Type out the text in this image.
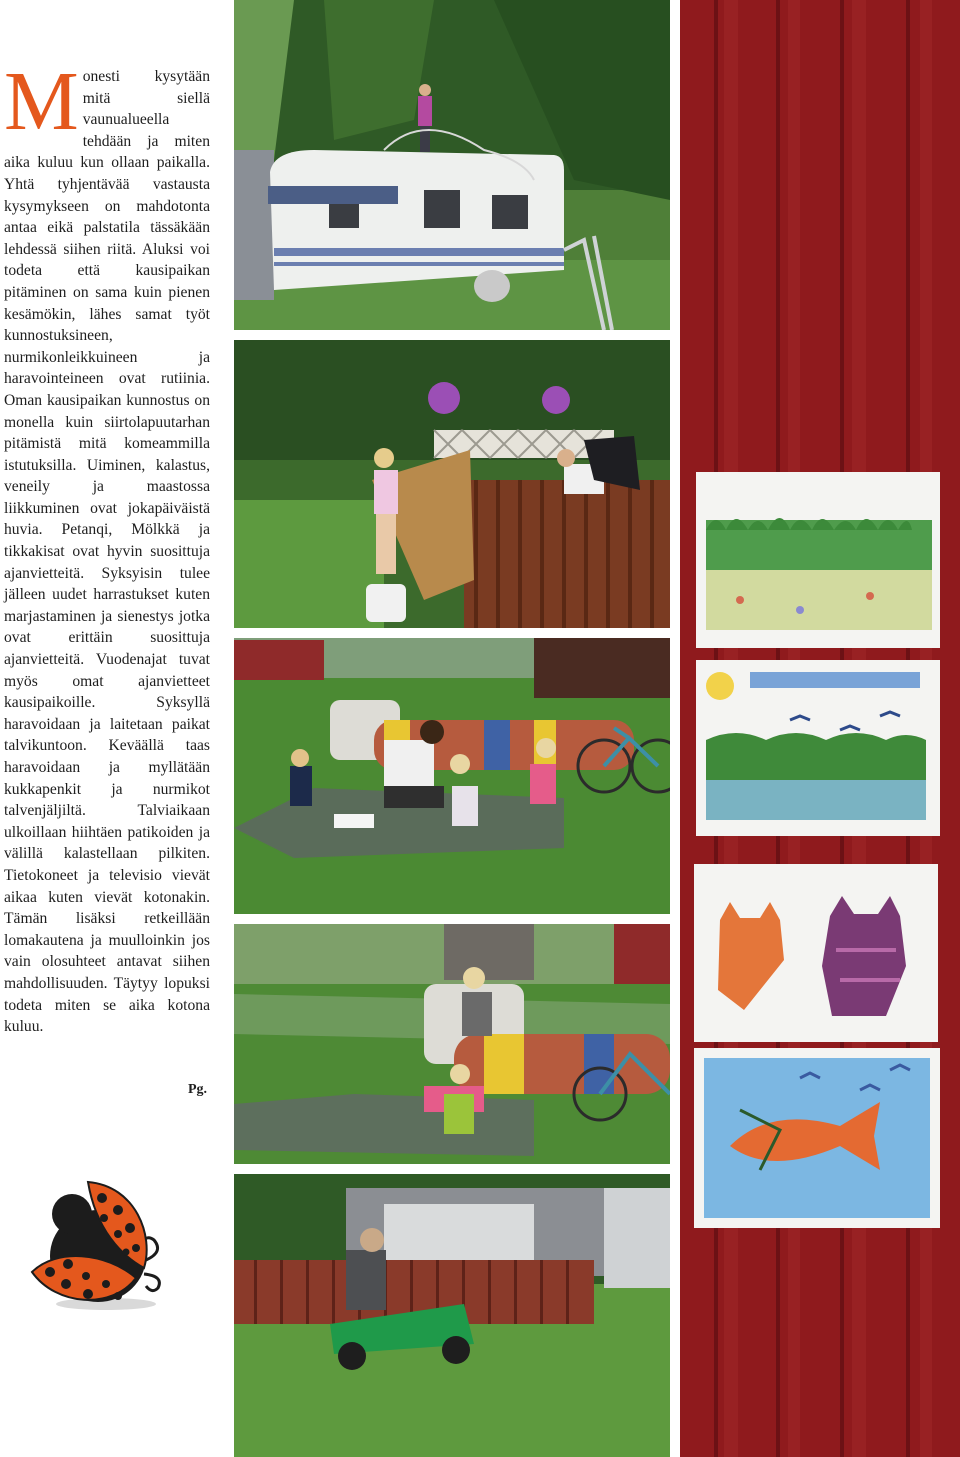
Monesti kysytään mitä siellä vaunualueella tehdään ja miten aika kuluu kun ollaan paikalla. Yhtä tyhjentävää vastausta kysymykseen on mahdotonta antaa eikä palstatila tässäkään lehdessä siihen riitä. Aluksi voi todeta että kausipaikan pitäminen on sama kuin pienen kesämökin, lähes samat työt kunnostuksineen, nurmikonleikkuineen ja haravointeineen ovat rutiinia. Oman kausipaikan kunnostus on monella kuin siirtolapuutarhan pitämistä mitä komeammilla istutuksilla. Uiminen, kalastus, veneily ja maastossa liikkuminen ovat jokapäiväistä huvia. Petanqi, Mölkkä ja tikkakisat ovat hyvin suosittuja ajanvietteitä. Syksyisin tulee jälleen uudet harrastukset kuten marjastaminen ja sienestys jotka ovat erittäin suosittuja ajanvietteitä. Vuodenajat tuvat myös omat ajanvietteet kausipaikoille. Syksyllä haravoidaan ja laitetaan paikat talvikuntoon. Keväällä taas haravoidaan ja myllätään kukkapenkit ja nurmikot talvenjäljiltä. Talviaikaan ulkoillaan hiihtäen patikoiden ja välillä kalastellaan pilkiten. Tietokoneet ja televisio vievät aikaa kuten vievät kotonakin. Tämän lisäksi retkeillään lomakautena ja muulloinkin jos vain olosuhteet antavat siihen mahdollisuuden. Täytyy lopuksi todeta miten se aika kotona kuluu.
Pg.
